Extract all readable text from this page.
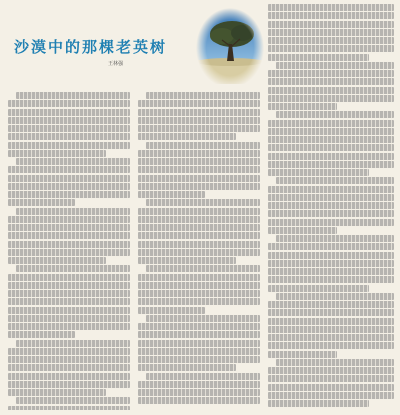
沙漠中的那棵老英树
王林强
